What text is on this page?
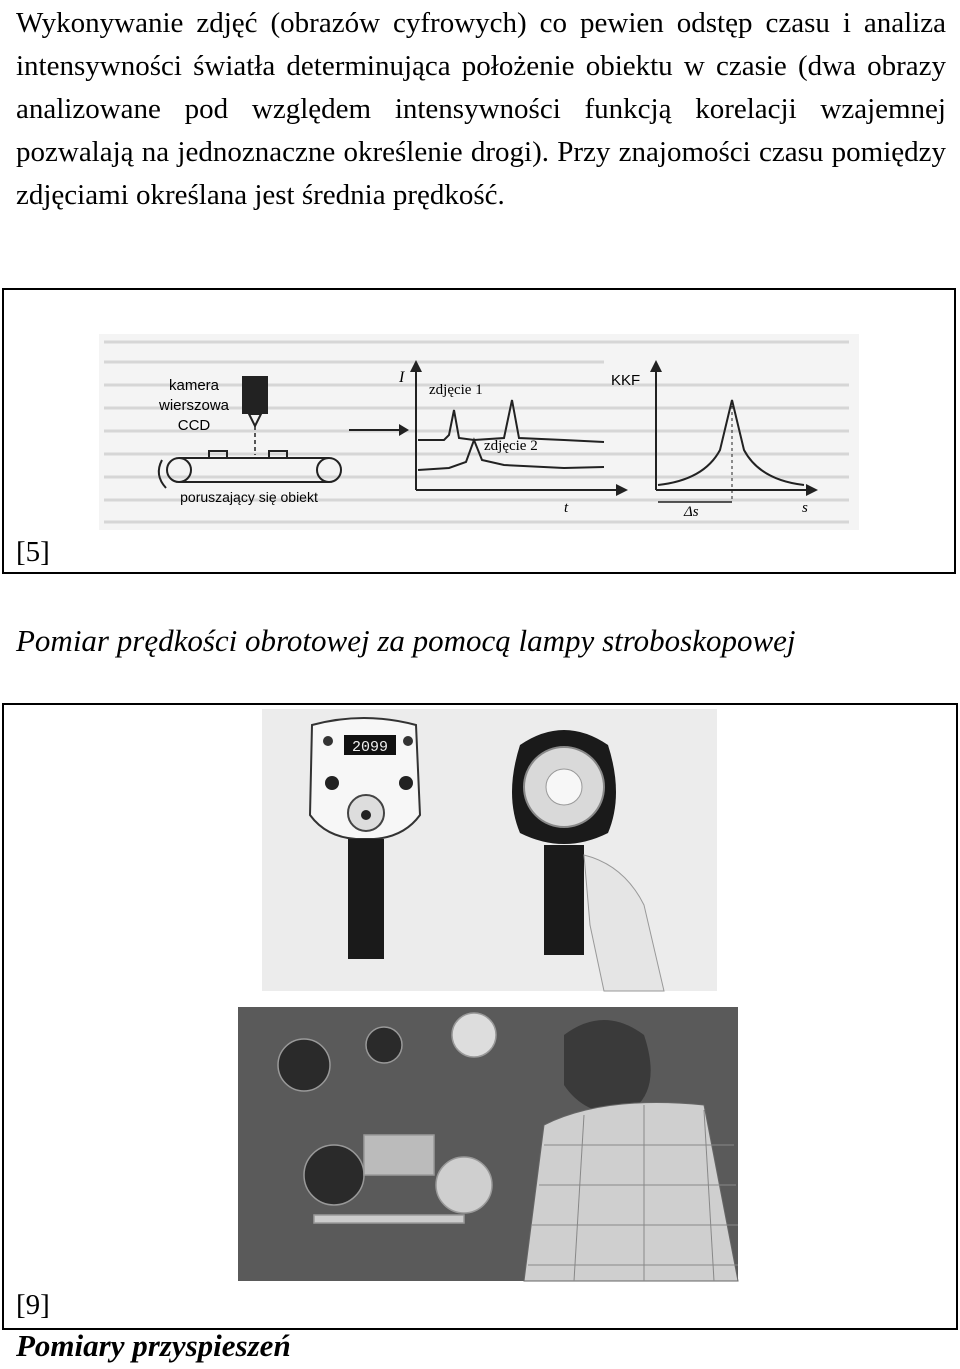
Wykonywanie zdjęć (obrazów cyfrowych) co pewien odstęp czasu i analiza intensywności światła determinująca położenie obiektu w czasie (dwa obrazy analizowane pod względem intensywności funkcją korelacji wzajemnej pozwalają na jednoznaczne określenie drogi). Przy znajomości czasu pomiędzy zdjęciami określana jest średnia prędkość.

kamera
wierszowa
CCD
poruszający się obiekt
I
zdjęcie 1
zdjęcie 2
t
KKF
Δs	s
[5]

Pomiar prędkości obrotowej za pomocą lampy stroboskopowej

2099
[9]

Pomiary przyspieszeń
